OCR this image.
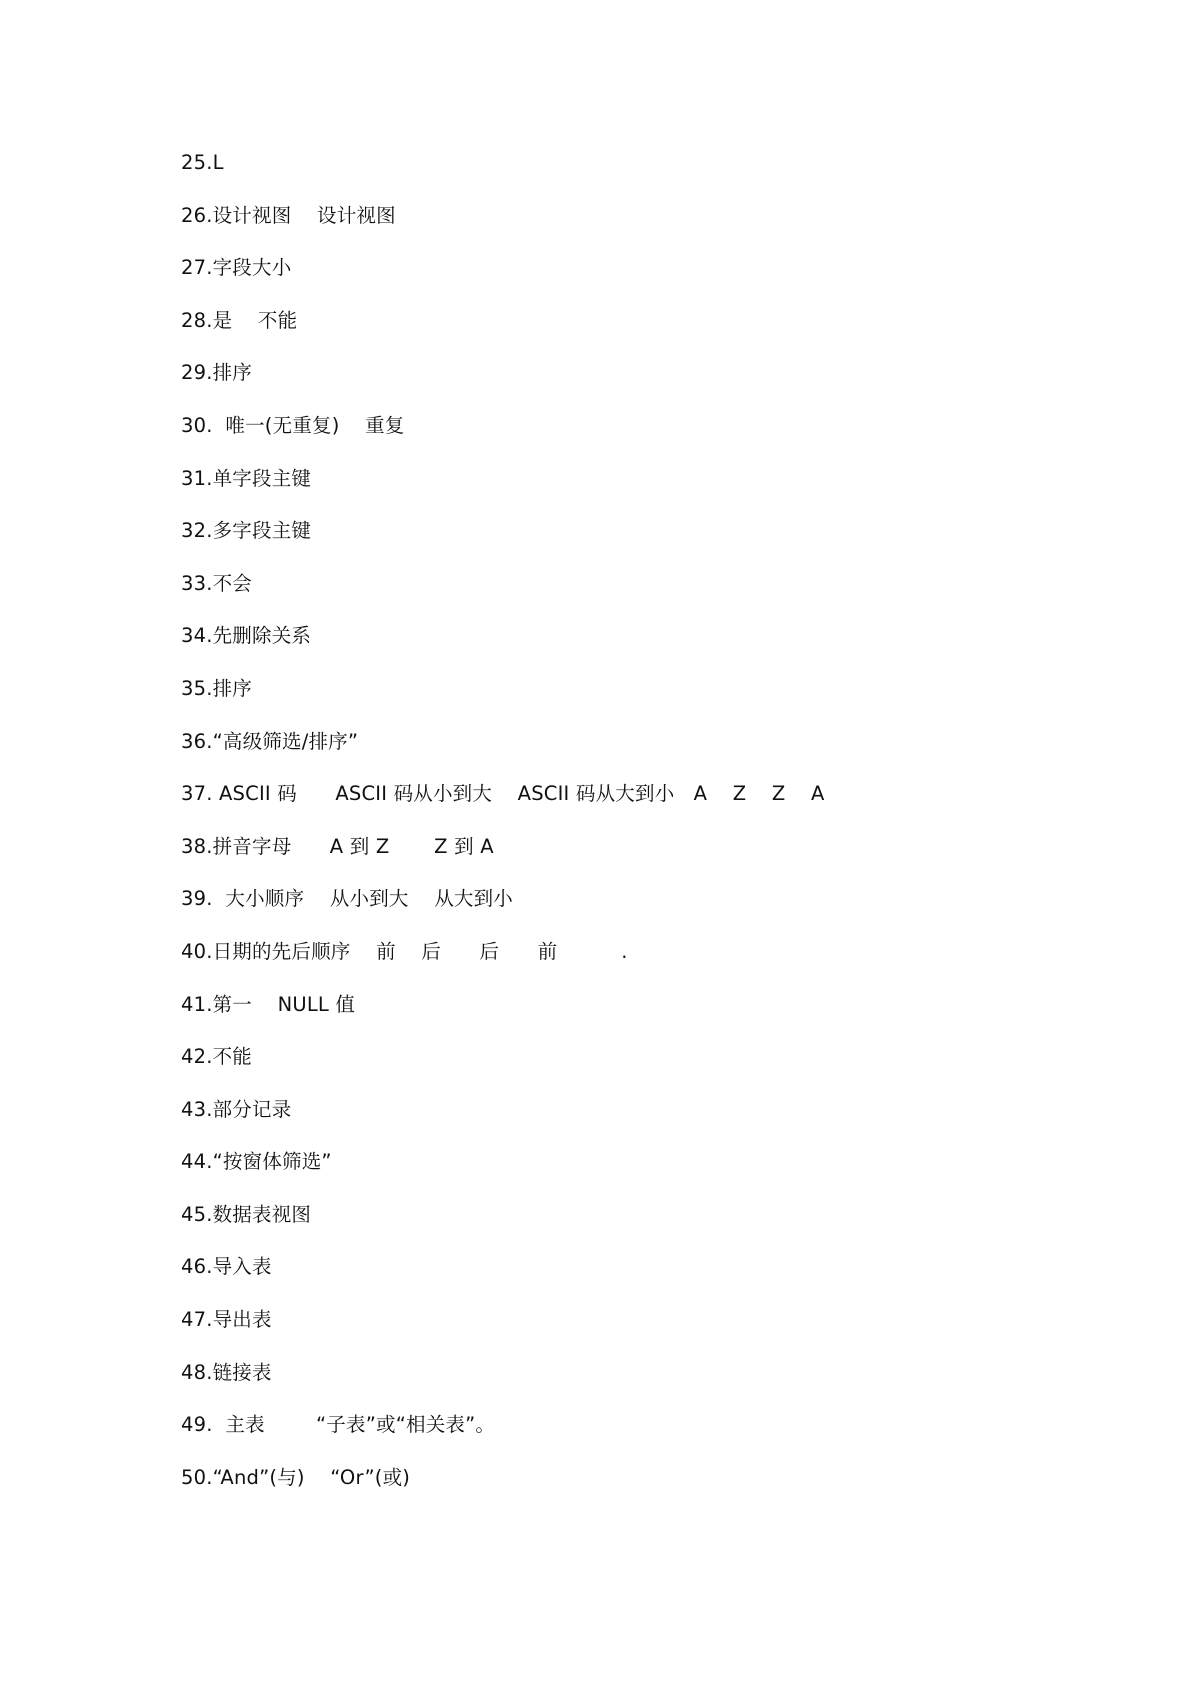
25.L
26.设计视图    设计视图
27.字段大小
28.是    不能
29.排序
30.  唯一(无重复)    重复
31.单字段主键
32.多字段主键
33.不会
34.先删除关系
35.排序
36.“高级筛选/排序”
37. ASCII 码      ASCII 码从小到大    ASCII 码从大到小   A    Z    Z    A
38.拼音字母      A 到 Z       Z 到 A
39.  大小顺序    从小到大    从大到小
40.日期的先后顺序    前    后      后      前          .
41.第一    NULL 值
42.不能
43.部分记录
44.“按窗体筛选”
45.数据表视图
46.导入表
47.导出表
48.链接表
49.  主表        “子表”或“相关表”。
50.“And”(与)    “Or”(或)
